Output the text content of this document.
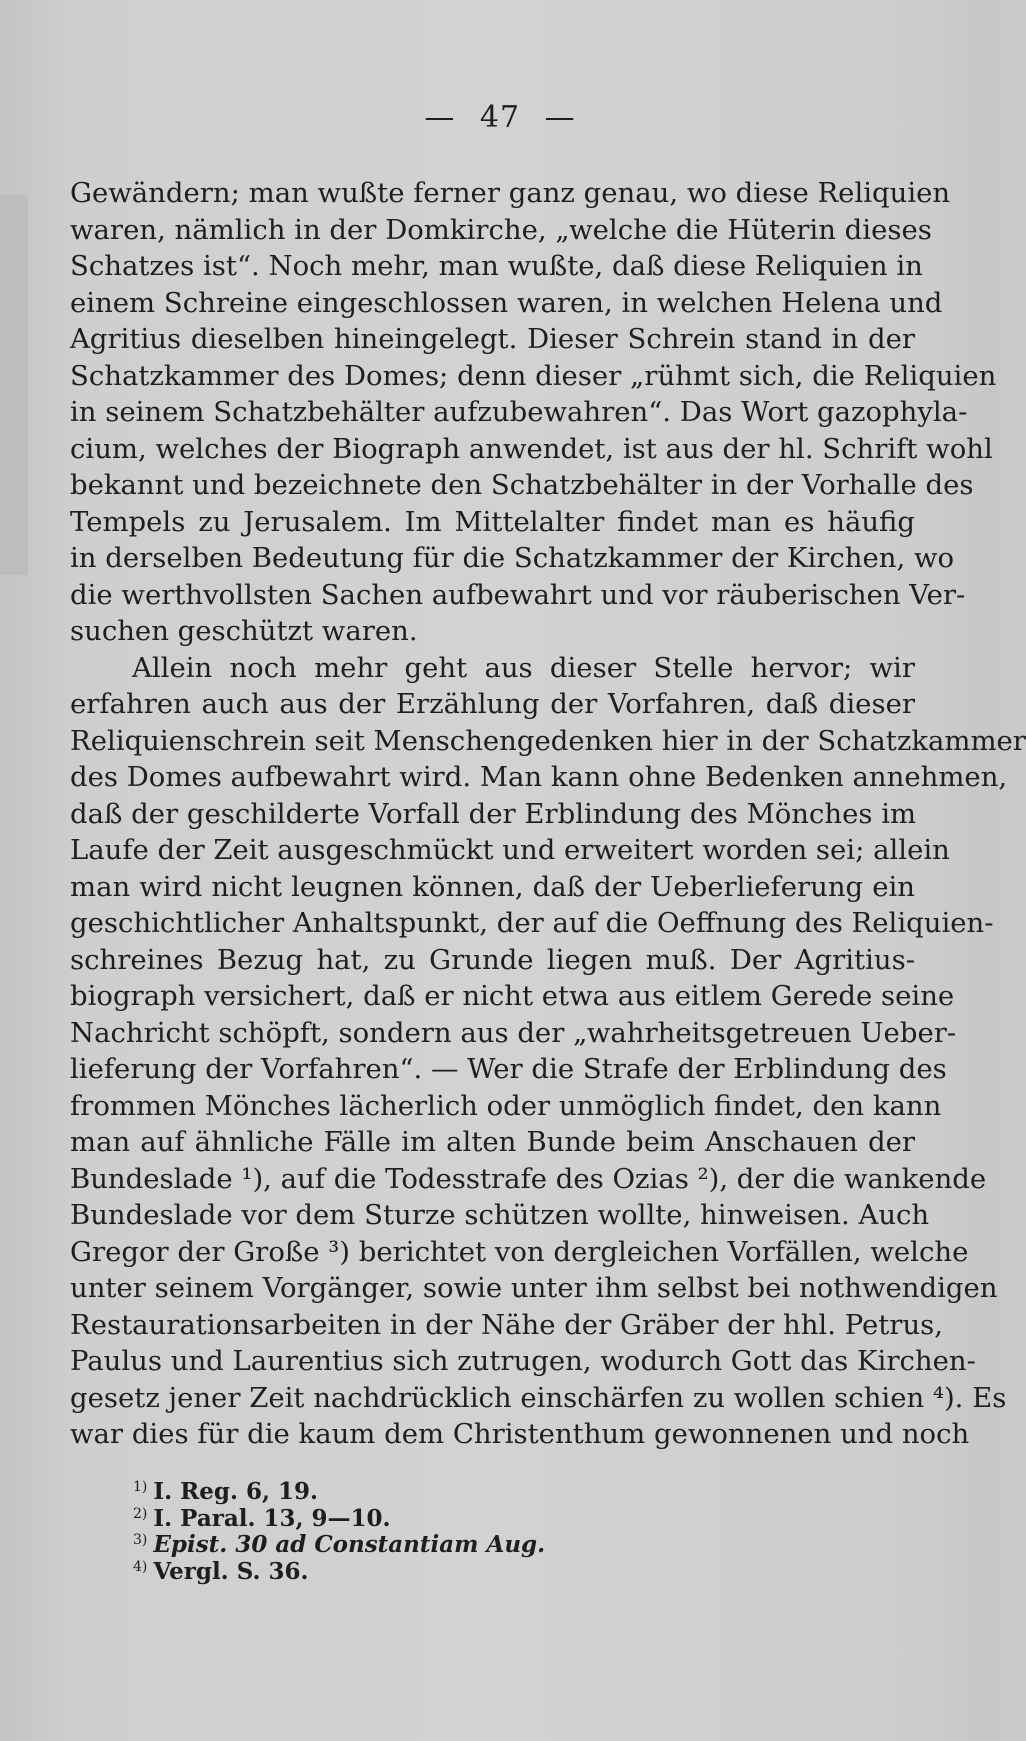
— 47 —
Gewändern; man wußte ferner ganz genau, wo diese Reliquien
waren, nämlich in der Domkirche, „welche die Hüterin dieses
Schatzes ist“. Noch mehr, man wußte, daß diese Reliquien in
einem Schreine eingeschlossen waren, in welchen Helena und
Agritius dieselben hineingelegt. Dieser Schrein stand in der
Schatzkammer des Domes; denn dieser „rühmt sich, die Reliquien
in seinem Schatzbehälter aufzubewahren“. Das Wort gazophyla-
cium, welches der Biograph anwendet, ist aus der hl. Schrift wohl
bekannt und bezeichnete den Schatzbehälter in der Vorhalle des
Tempels zu Jerusalem. Im Mittelalter findet man es häufig
in derselben Bedeutung für die Schatzkammer der Kirchen, wo
die werthvollsten Sachen aufbewahrt und vor räuberischen Ver-
suchen geschützt waren.
Allein noch mehr geht aus dieser Stelle hervor; wir
erfahren auch aus der Erzählung der Vorfahren, daß dieser
Reliquienschrein seit Menschengedenken hier in der Schatzkammer
des Domes aufbewahrt wird. Man kann ohne Bedenken annehmen,
daß der geschilderte Vorfall der Erblindung des Mönches im
Laufe der Zeit ausgeschmückt und erweitert worden sei; allein
man wird nicht leugnen können, daß der Ueberlieferung ein
geschichtlicher Anhaltspunkt, der auf die Oeffnung des Reliquien-
schreines Bezug hat, zu Grunde liegen muß. Der Agritius-
biograph versichert, daß er nicht etwa aus eitlem Gerede seine
Nachricht schöpft, sondern aus der „wahrheitsgetreuen Ueber-
lieferung der Vorfahren“. — Wer die Strafe der Erblindung des
frommen Mönches lächerlich oder unmöglich findet, den kann
man auf ähnliche Fälle im alten Bunde beim Anschauen der
Bundeslade ¹), auf die Todesstrafe des Ozias ²), der die wankende
Bundeslade vor dem Sturze schützen wollte, hinweisen. Auch
Gregor der Große ³) berichtet von dergleichen Vorfällen, welche
unter seinem Vorgänger, sowie unter ihm selbst bei nothwendigen
Restaurationsarbeiten in der Nähe der Gräber der hhl. Petrus,
Paulus und Laurentius sich zutrugen, wodurch Gott das Kirchen-
gesetz jener Zeit nachdrücklich einschärfen zu wollen schien ⁴). Es
war dies für die kaum dem Christenthum gewonnenen und noch
$^{1)}$ I. Reg. 6, 19.
$^{2)}$ I. Paral. 13, 9—10.
$^{3)}$ Epist. 30 ad Constantiam Aug.
$^{4)}$ Vergl. S. 36.
